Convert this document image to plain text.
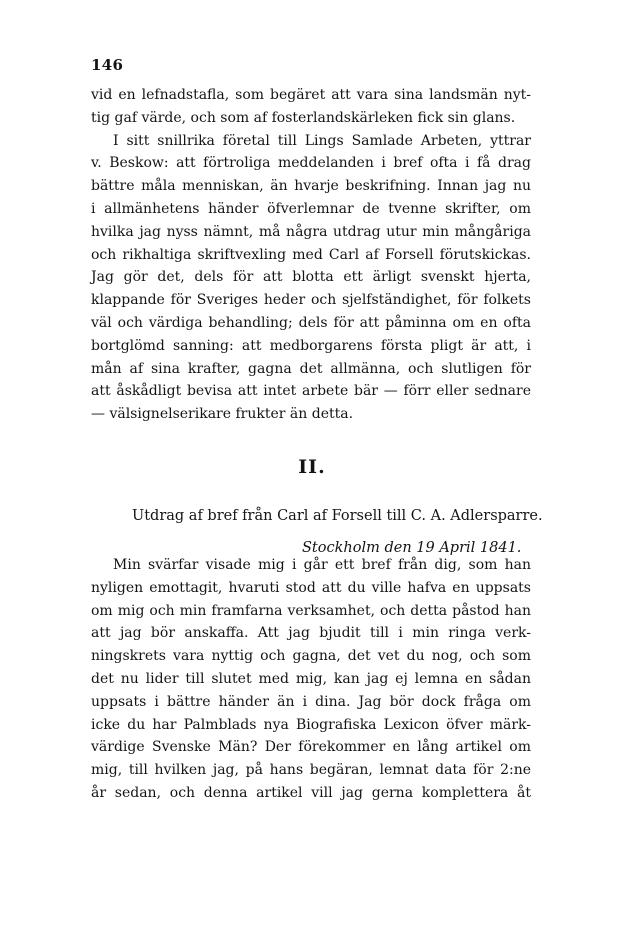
146
vid en lefnadstafla, som begäret att vara sina landsmän nyt-
tig gaf värde, och som af fosterlandskärleken fick sin glans.
I sitt snillrika företal till Lings Samlade Arbeten, yttrar
v. Beskow: att förtroliga meddelanden i bref ofta i få drag
bättre måla menniskan, än hvarje beskrifning. Innan jag nu
i allmänhetens händer öfverlemnar de tvenne skrifter, om
hvilka jag nyss nämnt, må några utdrag utur min mångåriga
och rikhaltiga skriftvexling med Carl af Forsell förutskickas.
Jag gör det, dels för att blotta ett ärligt svenskt hjerta,
klappande för Sveriges heder och sjelfständighet, för folkets
väl och värdiga behandling; dels för att påminna om en ofta
bortglömd sanning: att medborgarens första pligt är att, i
mån af sina krafter, gagna det allmänna, och slutligen för
att åskådligt bevisa att intet arbete bär — förr eller sednare
— välsignelserikare frukter än detta.
II.
Utdrag af bref från Carl af Forsell till C. A. Adlersparre.
Stockholm den 19 April 1841.
Min svärfar visade mig i går ett bref från dig, som han
nyligen emottagit, hvaruti stod att du ville hafva en uppsats
om mig och min framfarna verksamhet, och detta påstod han
att jag bör anskaffa. Att jag bjudit till i min ringa verk-
ningskrets vara nyttig och gagna, det vet du nog, och som
det nu lider till slutet med mig, kan jag ej lemna en sådan
uppsats i bättre händer än i dina. Jag bör dock fråga om
icke du har Palmblads nya Biografiska Lexicon öfver märk-
värdige Svenske Män? Der förekommer en lång artikel om
mig, till hvilken jag, på hans begäran, lemnat data för 2:ne
år sedan, och denna artikel vill jag gerna komplettera åt
